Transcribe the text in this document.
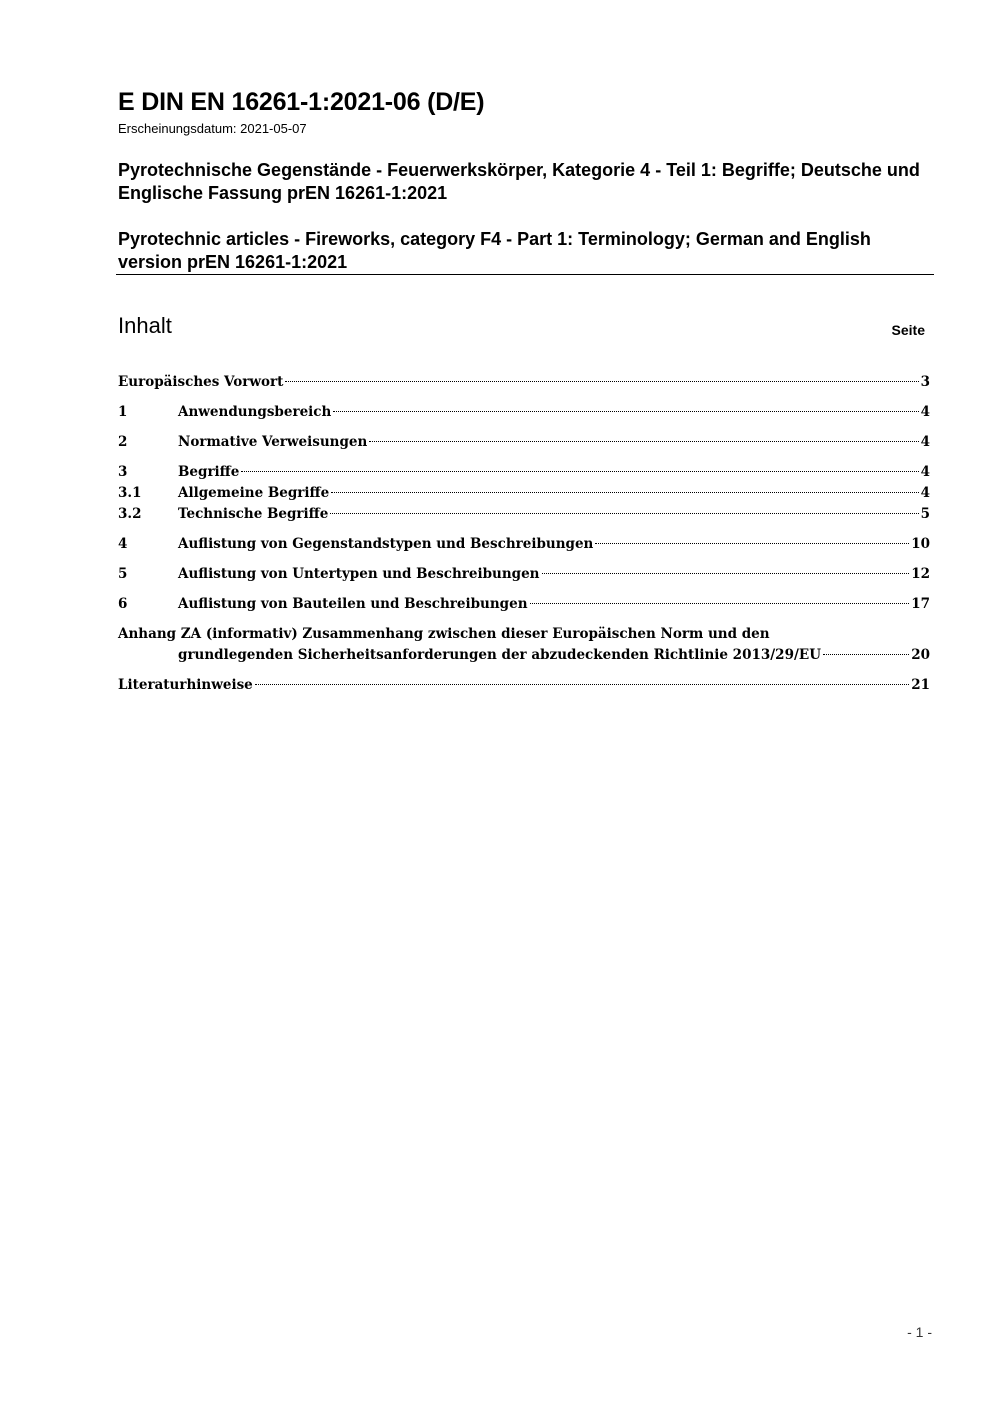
E DIN EN 16261-1:2021-06 (D/E)
Erscheinungsdatum: 2021-05-07
Pyrotechnische Gegenstände - Feuerwerkskörper, Kategorie 4 - Teil 1: Begriffe; Deutsche und Englische Fassung prEN 16261-1:2021
Pyrotechnic articles - Fireworks, category F4 - Part 1: Terminology; German and English version prEN 16261-1:2021
Inhalt	Seite
Europäisches Vorwort	3
1	Anwendungsbereich	4
2	Normative Verweisungen	4
3	Begriffe	4
3.1	Allgemeine Begriffe	4
3.2	Technische Begriffe	5
4	Auflistung von Gegenstandstypen und Beschreibungen	10
5	Auflistung von Untertypen und Beschreibungen	12
6	Auflistung von Bauteilen und Beschreibungen	17
Anhang ZA (informativ) Zusammenhang zwischen dieser Europäischen Norm und den
grundlegenden Sicherheitsanforderungen der abzudeckenden Richtlinie 2013/29/EU	20
Literaturhinweise	21
- 1 -
